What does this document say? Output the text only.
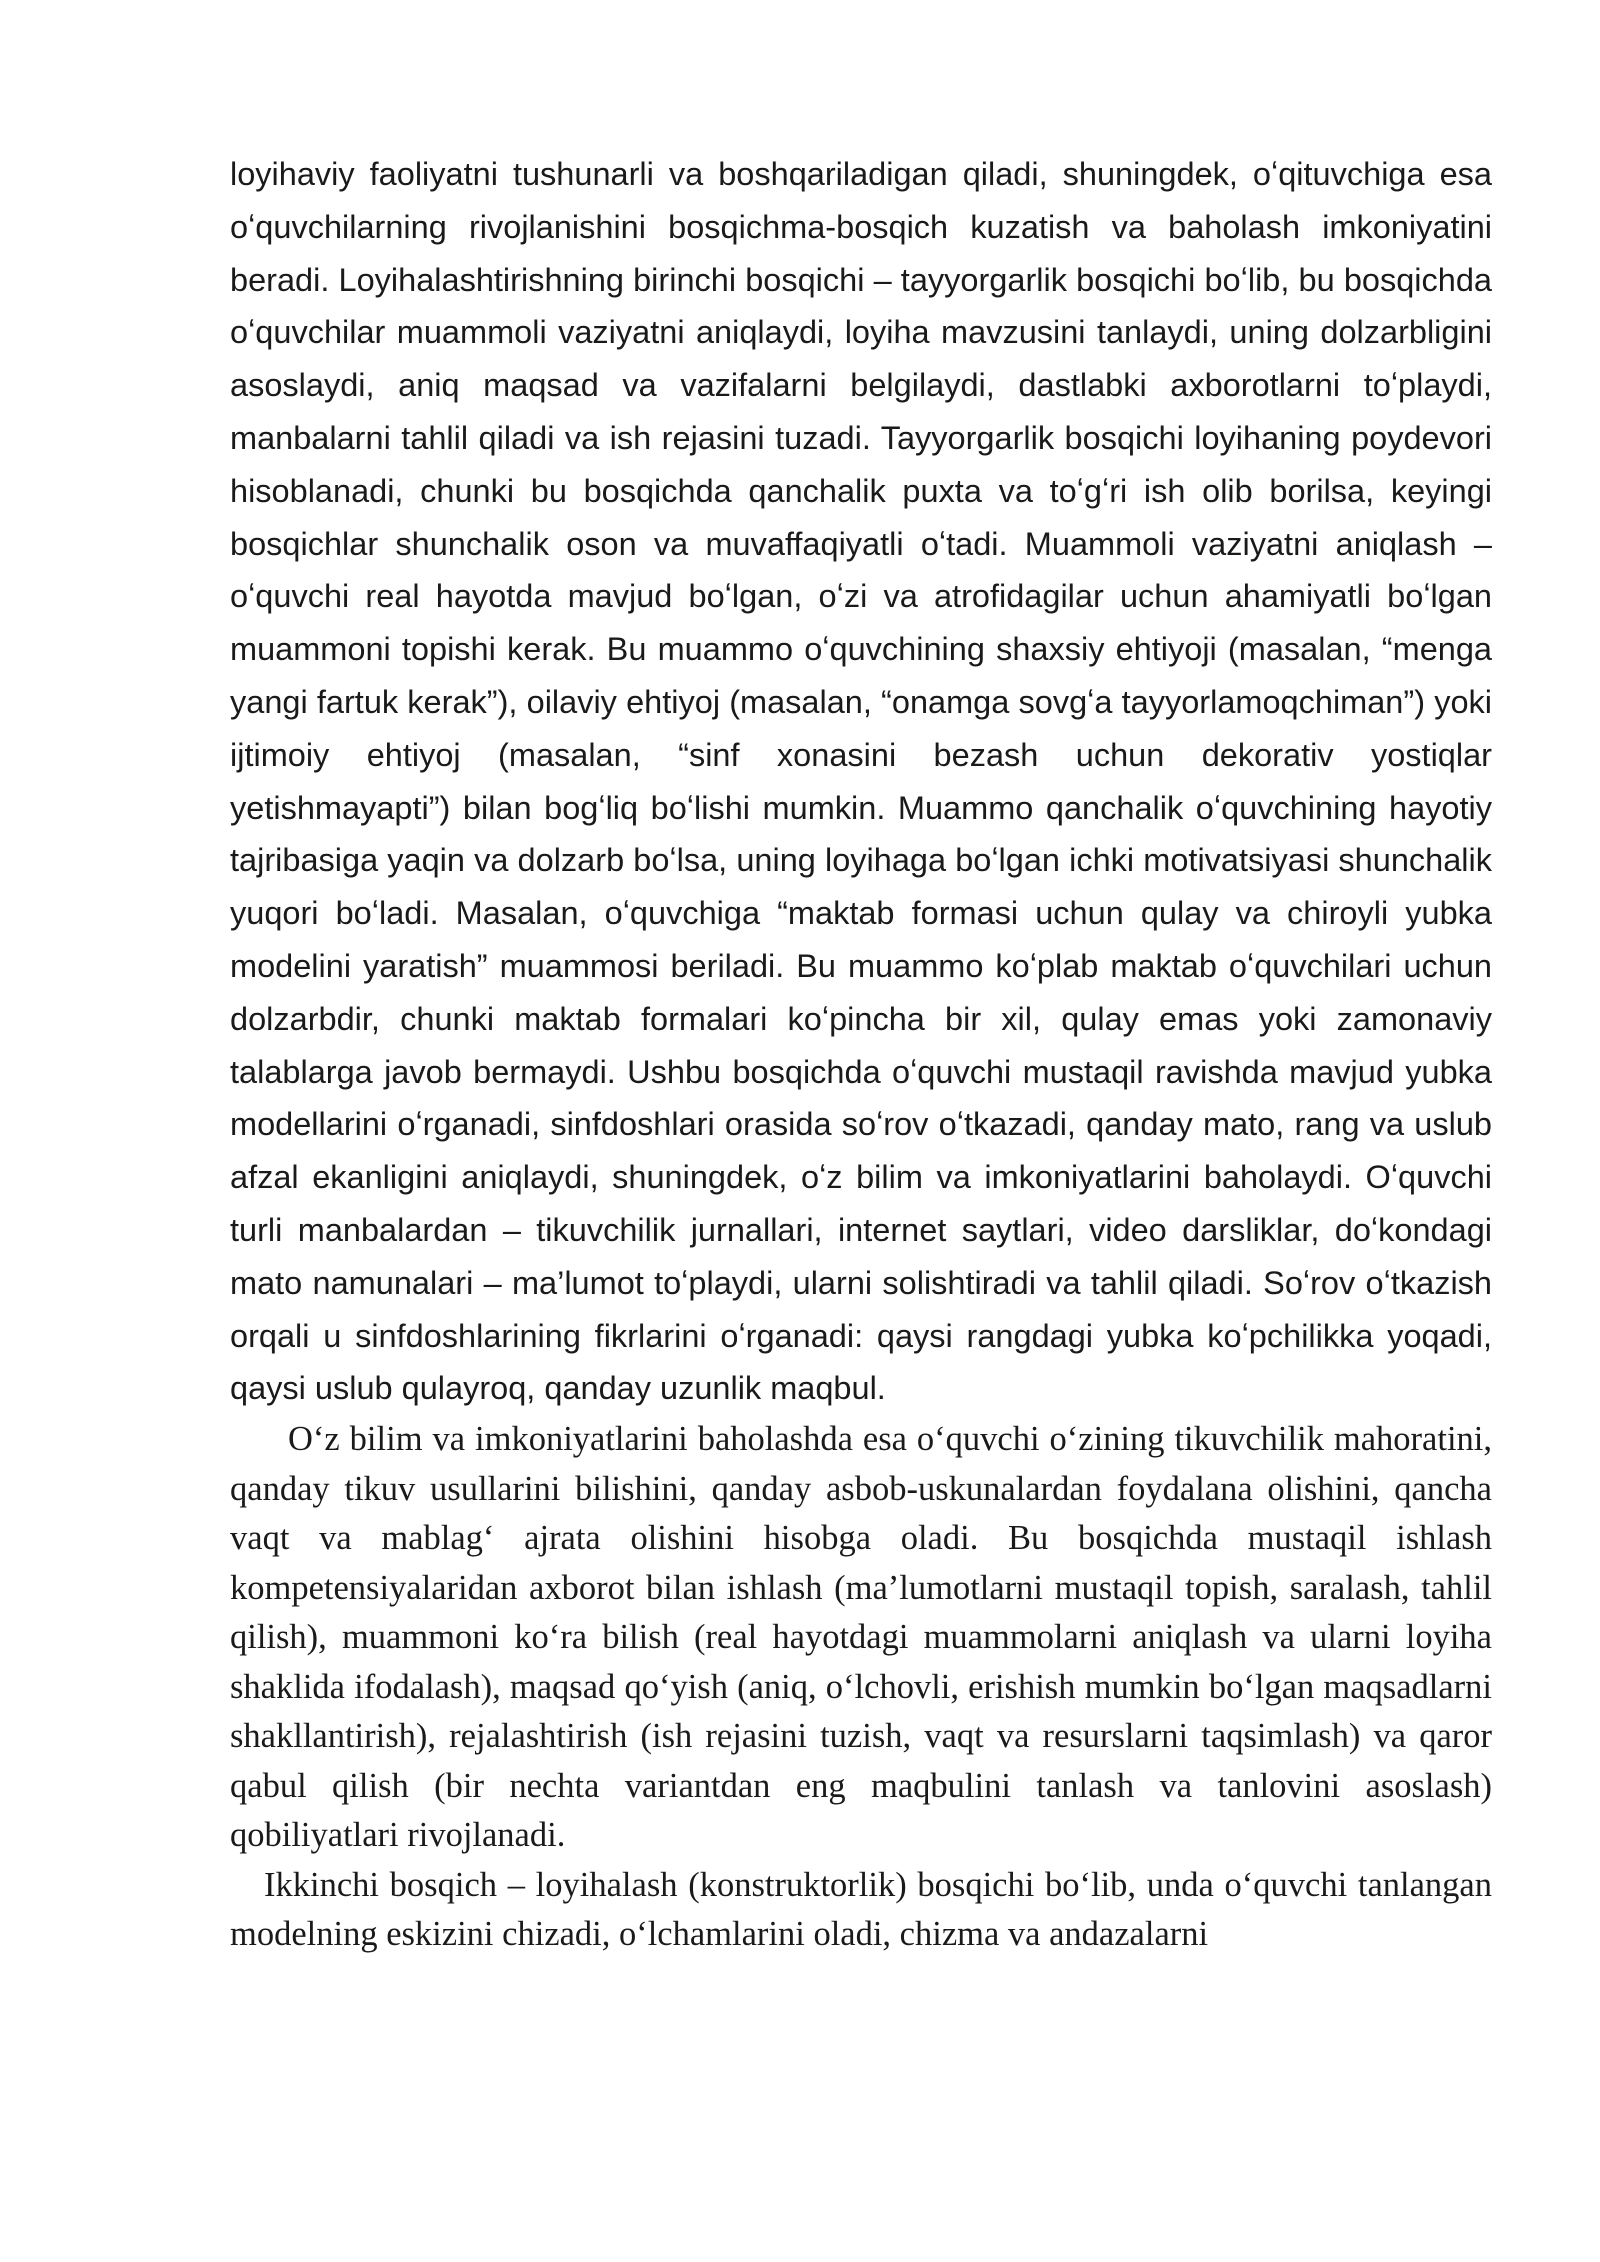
loyihaviy faoliyatni tushunarli va boshqariladigan qiladi, shuningdek, oʻqituvchiga esa oʻquvchilarning rivojlanishini bosqichma-bosqich kuzatish va baholash imkoniyatini beradi. Loyihalashtirishning birinchi bosqichi – tayyorgarlik bosqichi boʻlib, bu bosqichda oʻquvchilar muammoli vaziyatni aniqlaydi, loyiha mavzusini tanlaydi, uning dolzarbligini asoslaydi, aniq maqsad va vazifalarni belgilaydi, dastlabki axborotlarni toʻplaydi, manbalarni tahlil qiladi va ish rejasini tuzadi. Tayyorgarlik bosqichi loyihaning poydevori hisoblanadi, chunki bu bosqichda qanchalik puxta va toʻgʻri ish olib borilsa, keyingi bosqichlar shunchalik oson va muvaffaqiyatli oʻtadi. Muammoli vaziyatni aniqlash – oʻquvchi real hayotda mavjud boʻlgan, oʻzi va atrofidagilar uchun ahamiyatli boʻlgan muammoni topishi kerak. Bu muammo oʻquvchining shaxsiy ehtiyoji (masalan, “menga yangi fartuk kerak”), oilaviy ehtiyoj (masalan, “onamga sovgʻa tayyorlamoqchiman”) yoki ijtimoiy ehtiyoj (masalan, “sinf xonasini bezash uchun dekorativ yostiqlar yetishmayapti”) bilan bogʻliq boʻlishi mumkin. Muammo qanchalik oʻquvchining hayotiy tajribasiga yaqin va dolzarb boʻlsa, uning loyihaga boʻlgan ichki motivatsiyasi shunchalik yuqori boʻladi. Masalan, oʻquvchiga “maktab formasi uchun qulay va chiroyli yubka modelini yaratish” muammosi beriladi. Bu muammo koʻplab maktab oʻquvchilari uchun dolzarbdir, chunki maktab formalari koʻpincha bir xil, qulay emas yoki zamonaviy talablarga javob bermaydi. Ushbu bosqichda oʻquvchi mustaqil ravishda mavjud yubka modellarini oʻrganadi, sinfdoshlari orasida soʻrov oʻtkazadi, qanday mato, rang va uslub afzal ekanligini aniqlaydi, shuningdek, oʻz bilim va imkoniyatlarini baholaydi. Oʻquvchi turli manbalardan – tikuvchilik jurnallari, internet saytlari, video darsliklar, doʻkondagi mato namunalari – ma’lumot toʻplaydi, ularni solishtiradi va tahlil qiladi. Soʻrov oʻtkazish orqali u sinfdoshlarining fikrlarini oʻrganadi: qaysi rangdagi yubka koʻpchilikka yoqadi, qaysi uslub qulayroq, qanday uzunlik maqbul.

O‘z bilim va imkoniyatlarini baholashda esa o‘quvchi o‘zining tikuvchilik mahoratini, qanday tikuv usullarini bilishini, qanday asbob-uskunalardan foydalana olishini, qancha vaqt va mablag‘ ajrata olishini hisobga oladi. Bu bosqichda mustaqil ishlash kompetensiyalaridan axborot bilan ishlash (ma’lumotlarni mustaqil topish, saralash, tahlil qilish), muammoni ko‘ra bilish (real hayotdagi muammolarni aniqlash va ularni loyiha shaklida ifodalash), maqsad qo‘yish (aniq, o‘lchovli, erishish mumkin bo‘lgan maqsadlarni shakllantirish), rejalashtirish (ish rejasini tuzish, vaqt va resurslarni taqsimlash) va qaror qabul qilish (bir nechta variantdan eng maqbulini tanlash va tanlovini asoslash) qobiliyatlari rivojlanadi.

Ikkinchi bosqich – loyihalash (konstruktorlik) bosqichi bo‘lib, unda o‘quvchi tanlangan modelning eskizini chizadi, o‘lchamlarini oladi, chizma va andazalarni
